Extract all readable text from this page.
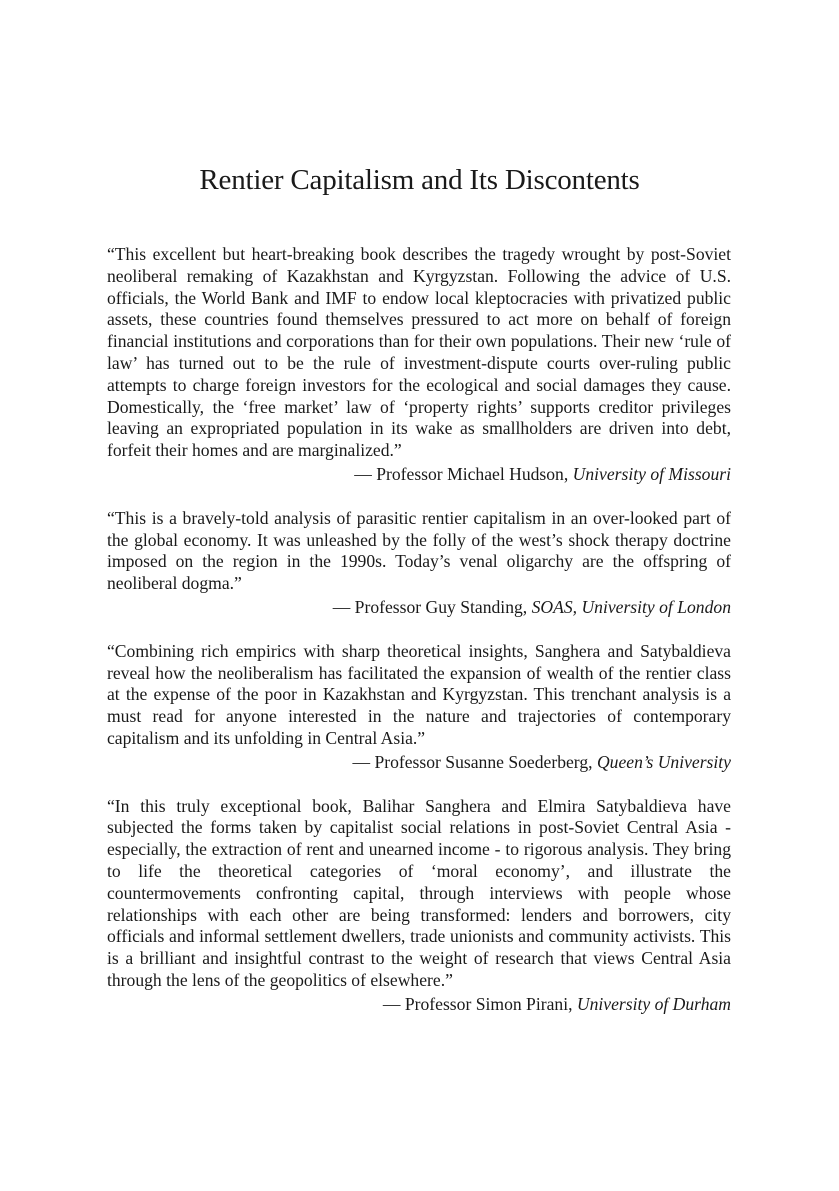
Rentier Capitalism and Its Discontents

“This excellent but heart-breaking book describes the tragedy wrought by post-Soviet neoliberal remaking of Kazakhstan and Kyrgyzstan. Following the advice of U.S. officials, the World Bank and IMF to endow local kleptocracies with privatized public assets, these countries found themselves pressured to act more on behalf of foreign financial institutions and corporations than for their own populations. Their new ‘rule of law’ has turned out to be the rule of investment-dispute courts over-ruling public attempts to charge foreign investors for the ecological and social damages they cause. Domestically, the ‘free market’ law of ‘property rights’ supports creditor privileges leaving an expropriated population in its wake as smallholders are driven into debt, forfeit their homes and are marginalized.”

— Professor Michael Hudson, University of Missouri

“This is a bravely-told analysis of parasitic rentier capitalism in an over-looked part of the global economy. It was unleashed by the folly of the west’s shock therapy doctrine imposed on the region in the 1990s. Today’s venal oligarchy are the offspring of neoliberal dogma.”

— Professor Guy Standing, SOAS, University of London

“Combining rich empirics with sharp theoretical insights, Sanghera and Satybaldieva reveal how the neoliberalism has facilitated the expansion of wealth of the rentier class at the expense of the poor in Kazakhstan and Kyrgyzstan. This trenchant analysis is a must read for anyone interested in the nature and trajectories of contemporary capitalism and its unfolding in Central Asia.”

— Professor Susanne Soederberg, Queen’s University

“In this truly exceptional book, Balihar Sanghera and Elmira Satybaldieva have subjected the forms taken by capitalist social relations in post-Soviet Central Asia - especially, the extraction of rent and unearned income - to rigorous analysis. They bring to life the theoretical categories of ‘moral economy’, and illustrate the countermovements confronting capital, through interviews with people whose relationships with each other are being transformed: lenders and borrowers, city officials and informal settlement dwellers, trade unionists and community activists. This is a brilliant and insightful contrast to the weight of research that views Central Asia through the lens of the geopolitics of elsewhere.”

— Professor Simon Pirani, University of Durham
